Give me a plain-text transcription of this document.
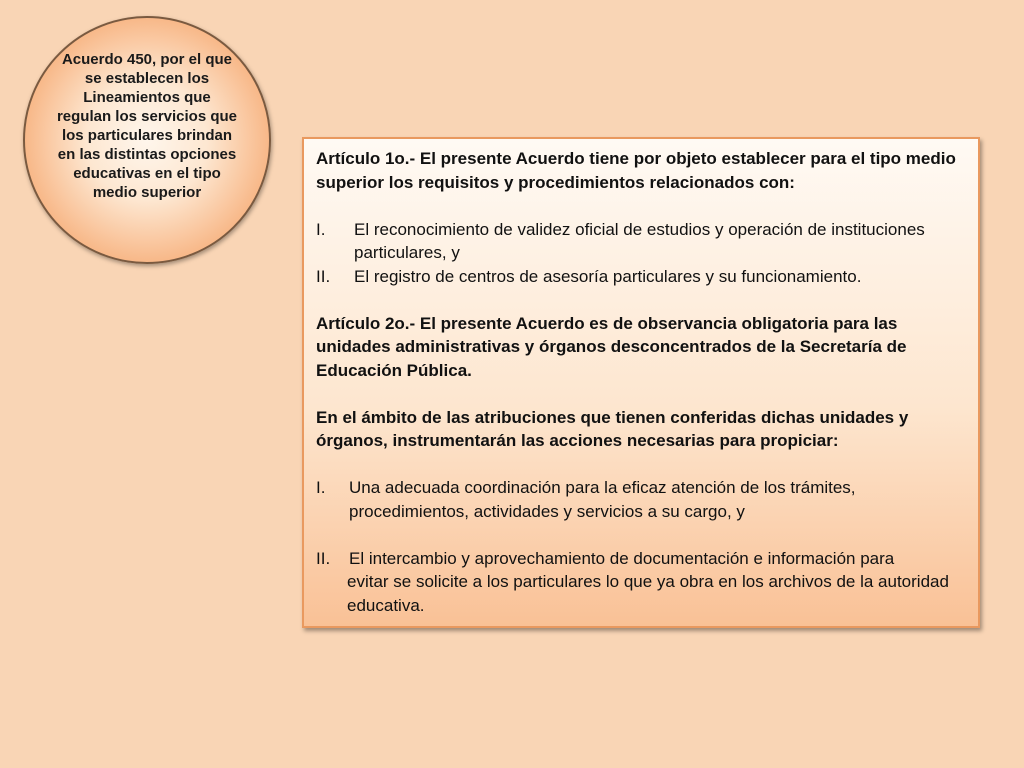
Acuerdo 450, por el que se establecen los Lineamientos que regulan los servicios que los particulares brindan en las distintas opciones educativas en el tipo medio superior

Artículo 1o.- El presente Acuerdo tiene por objeto establecer para el tipo medio superior los requisitos y procedimientos relacionados con:

I.	El reconocimiento de validez oficial de estudios y operación de instituciones particulares, y
II.	El registro de centros de asesoría particulares y su funcionamiento.

Artículo 2o.- El presente Acuerdo es de observancia obligatoria para las unidades administrativas y órganos desconcentrados de la Secretaría de Educación Pública.

En el ámbito de las atribuciones que tienen conferidas dichas unidades y órganos, instrumentarán las acciones necesarias para propiciar:

I.	Una adecuada coordinación para la eficaz atención de los trámites, procedimientos, actividades y servicios a su cargo, y
II.	El intercambio y aprovechamiento de documentación e información para

evitar se solicite a los particulares lo que ya obra en los archivos de la autoridad educativa.
